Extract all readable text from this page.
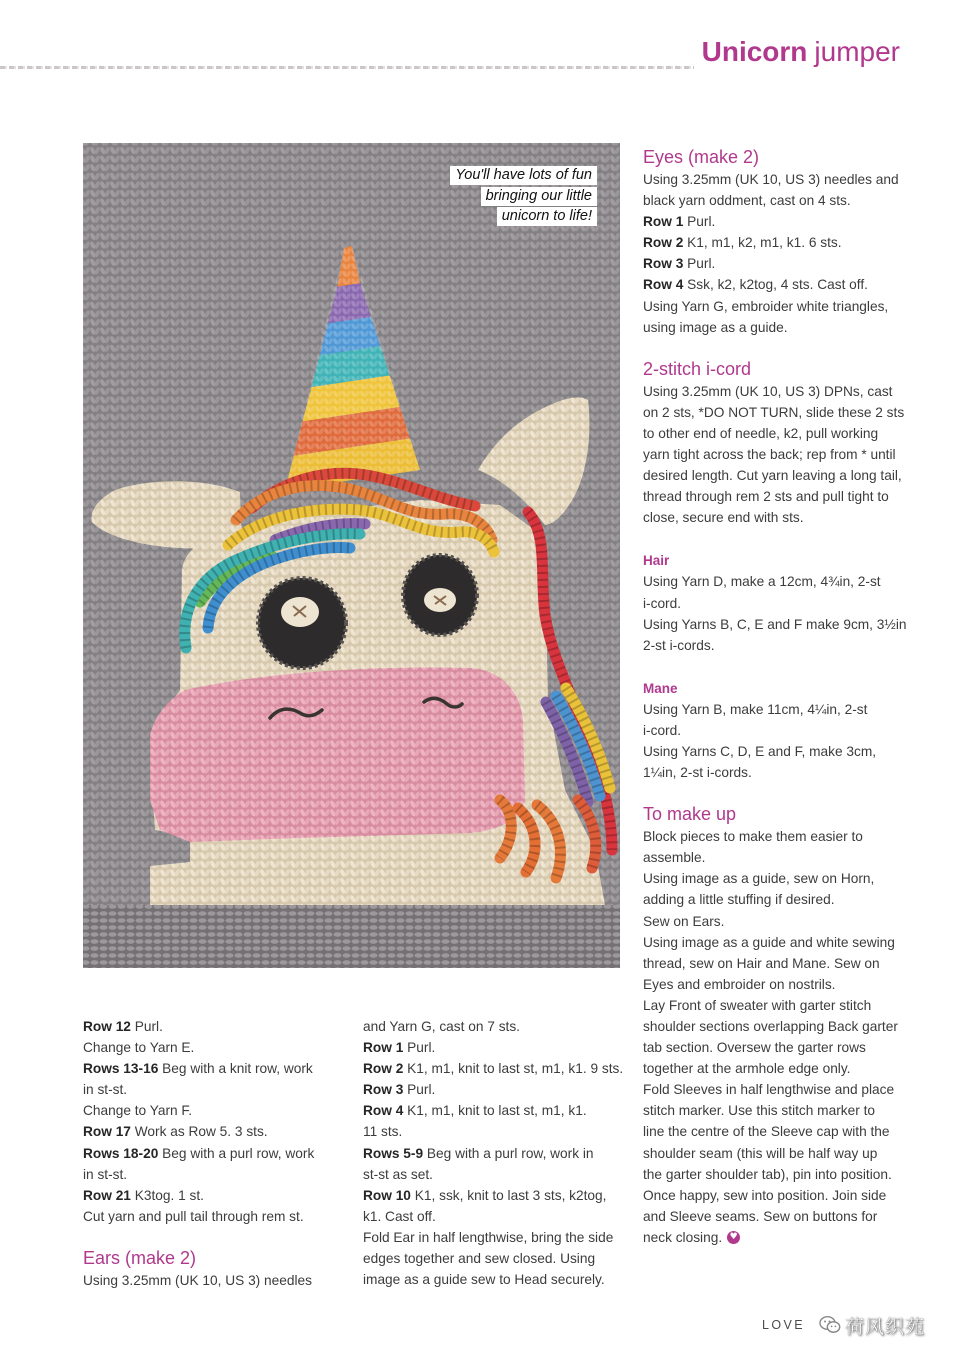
Unicorn jumper
You'll have lots of fun
bringing our little
unicorn to life!
Row 12 Purl.
Change to Yarn E.
Rows 13-16 Beg with a knit row, work
in st-st.
Change to Yarn F.
Row 17 Work as Row 5. 3 sts.
Rows 18-20 Beg with a purl row, work
in st-st.
Row 21 K3tog. 1 st.
Cut yarn and pull tail through rem st.
Ears (make 2)
Using 3.25mm (UK 10, US 3) needles
and Yarn G, cast on 7 sts.
Row 1 Purl.
Row 2 K1, m1, knit to last st, m1, k1. 9 sts.
Row 3 Purl.
Row 4 K1, m1, knit to last st, m1, k1.
11 sts.
Rows 5-9 Beg with a purl row, work in
st-st as set.
Row 10 K1, ssk, knit to last 3 sts, k2tog,
k1. Cast off.
Fold Ear in half lengthwise, bring the side
edges together and sew closed. Using
image as a guide sew to Head securely.
Eyes (make 2)
Using 3.25mm (UK 10, US 3) needles and
black yarn oddment, cast on 4 sts.
Row 1 Purl.
Row 2 K1, m1, k2, m1, k1. 6 sts.
Row 3 Purl.
Row 4 Ssk, k2, k2tog, 4 sts. Cast off.
Using Yarn G, embroider white triangles,
using image as a guide.
2-stitch i-cord
Using 3.25mm (UK 10, US 3) DPNs, cast
on 2 sts, *DO NOT TURN, slide these 2 sts
to other end of needle, k2, pull working
yarn tight across the back; rep from * until
desired length. Cut yarn leaving a long tail,
thread through rem 2 sts and pull tight to
close, secure end with sts.
Hair
Using Yarn D, make a 12cm, 4¾in, 2-st
i-cord.
Using Yarns B, C, E and F make 9cm, 3½in
2-st i-cords.
Mane
Using Yarn B, make 11cm, 4¼in, 2-st
i-cord.
Using Yarns C, D, E and F, make 3cm,
1¼in, 2-st i-cords.
To make up
Block pieces to make them easier to
assemble.
Using image as a guide, sew on Horn,
adding a little stuffing if desired.
Sew on Ears.
Using image as a guide and white sewing
thread, sew on Hair and Mane. Sew on
Eyes and embroider on nostrils.
Lay Front of sweater with garter stitch
shoulder sections overlapping Back garter
tab section. Oversew the garter rows
together at the armhole edge only.
Fold Sleeves in half lengthwise and place
stitch marker. Use this stitch marker to
line the centre of the Sleeve cap with the
shoulder seam (this will be half way up
the garter shoulder tab), pin into position.
Once happy, sew into position. Join side
and Sleeve seams. Sew on buttons for
neck closing.♥
LOVE 荷风织苑
